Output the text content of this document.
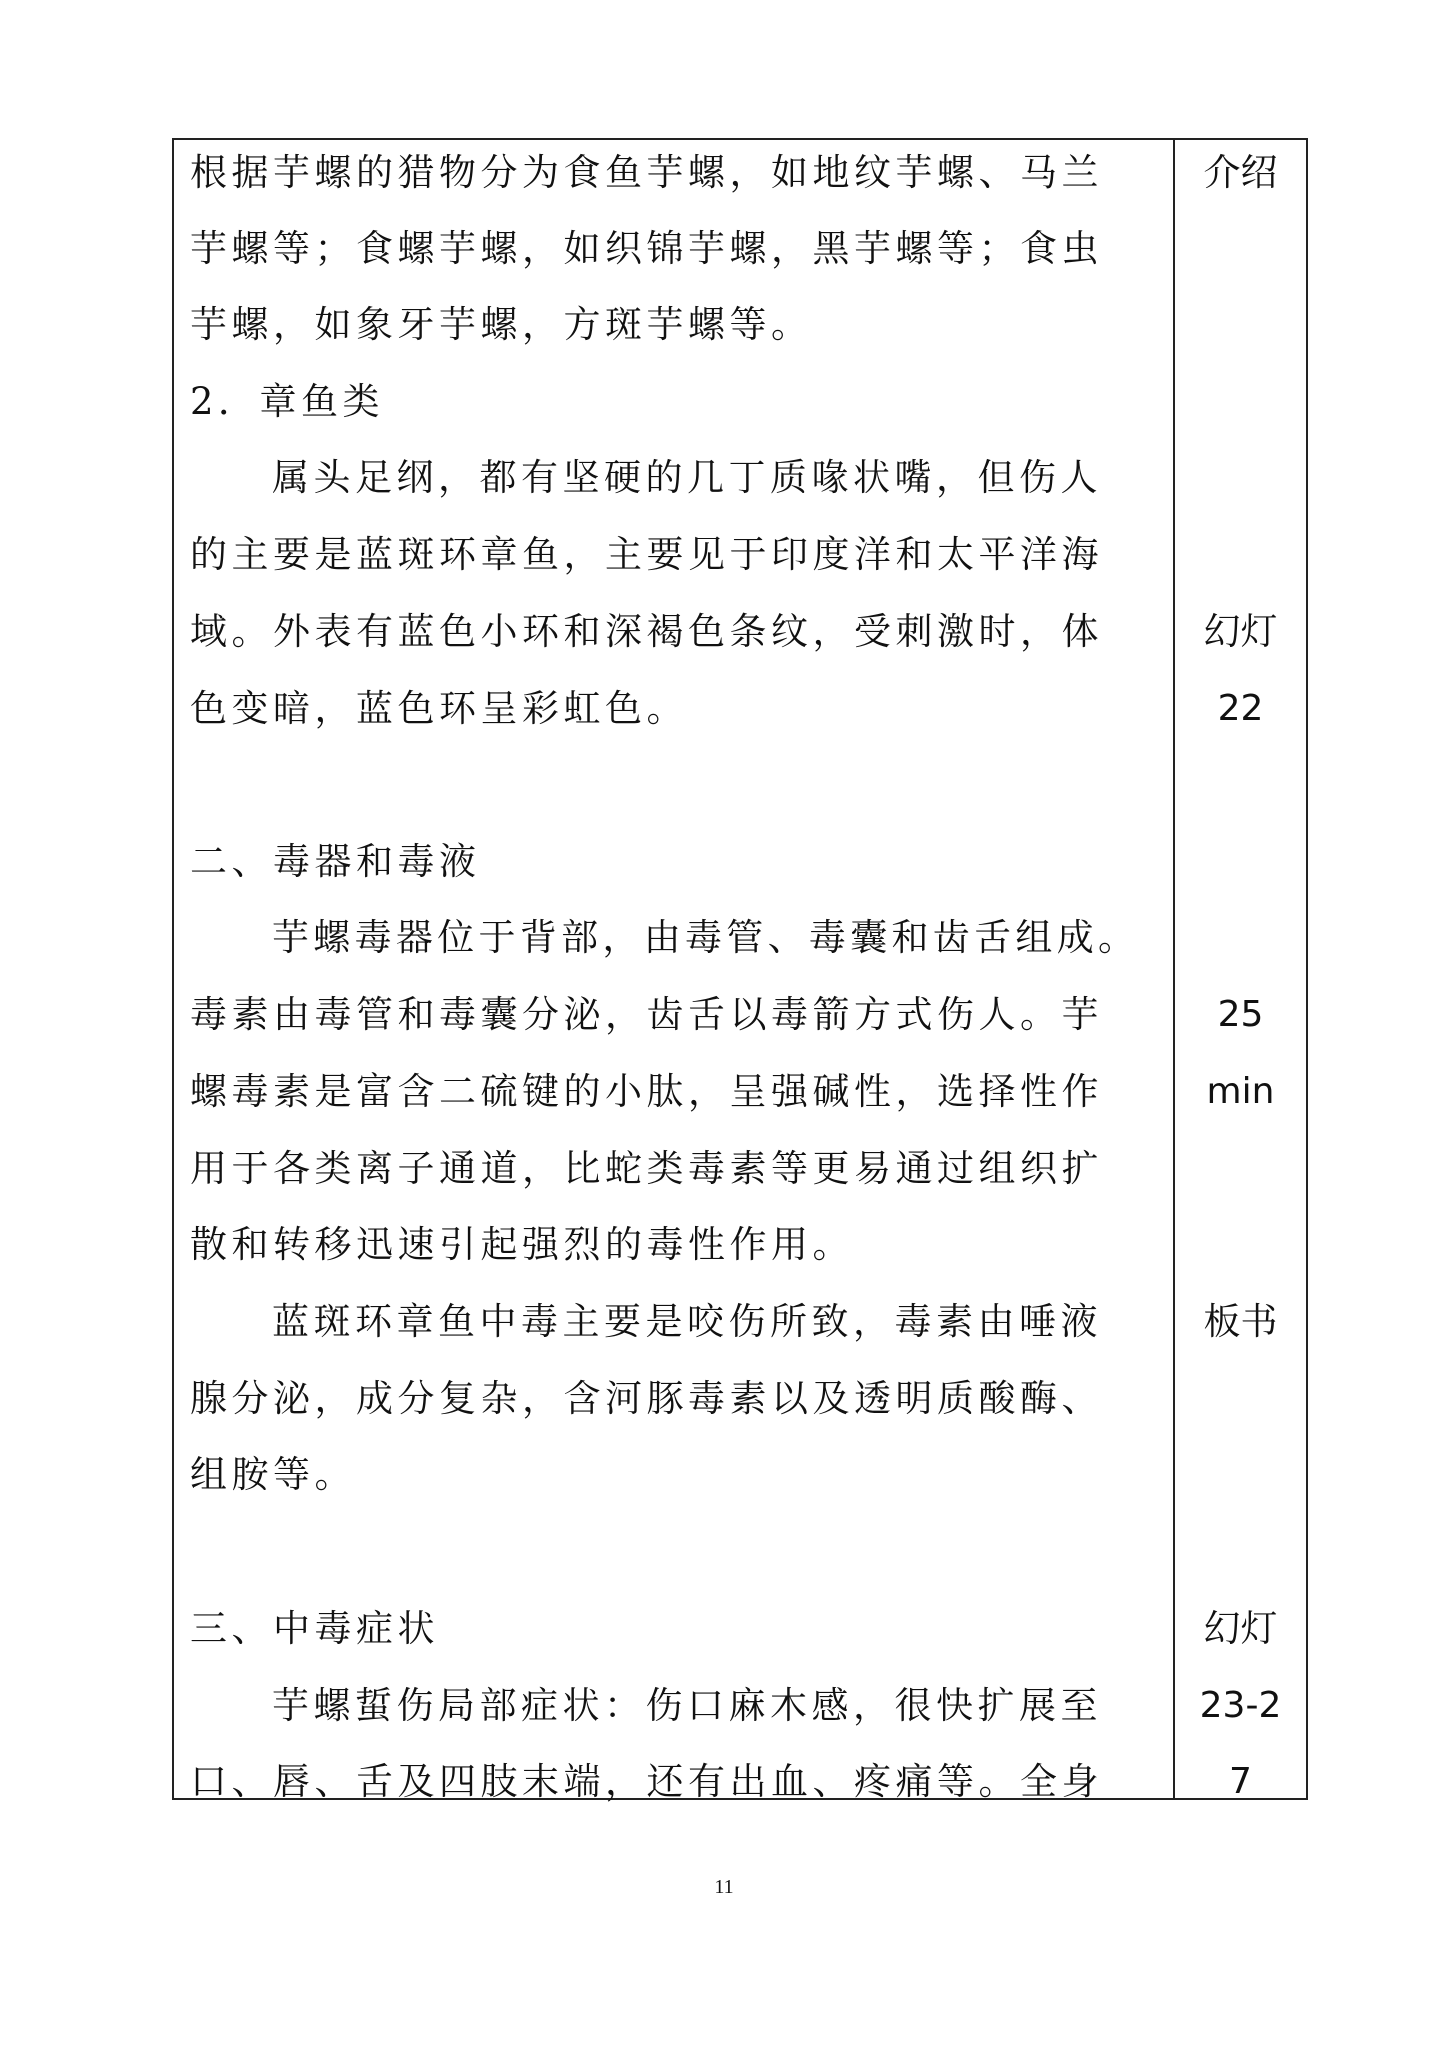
根据芋螺的猎物分为食鱼芋螺，如地纹芋螺、马兰
芋螺等；食螺芋螺，如织锦芋螺，黑芋螺等；食虫
芋螺，如象牙芋螺，方斑芋螺等。
2．章鱼类
属头足纲，都有坚硬的几丁质喙状嘴，但伤人
的主要是蓝斑环章鱼，主要见于印度洋和太平洋海
域。外表有蓝色小环和深褐色条纹，受刺激时，体
色变暗，蓝色环呈彩虹色。
二、毒器和毒液
芋螺毒器位于背部，由毒管、毒囊和齿舌组成。
毒素由毒管和毒囊分泌，齿舌以毒箭方式伤人。芋
螺毒素是富含二硫键的小肽，呈强碱性，选择性作
用于各类离子通道，比蛇类毒素等更易通过组织扩
散和转移迅速引起强烈的毒性作用。
蓝斑环章鱼中毒主要是咬伤所致，毒素由唾液
腺分泌，成分复杂，含河豚毒素以及透明质酸酶、
组胺等。
三、中毒症状
芋螺蜇伤局部症状：伤口麻木感，很快扩展至
口、唇、舌及四肢末端，还有出血、疼痛等。全身
介绍
幻灯
22
25
min
板书
幻灯
23-2
7
11
